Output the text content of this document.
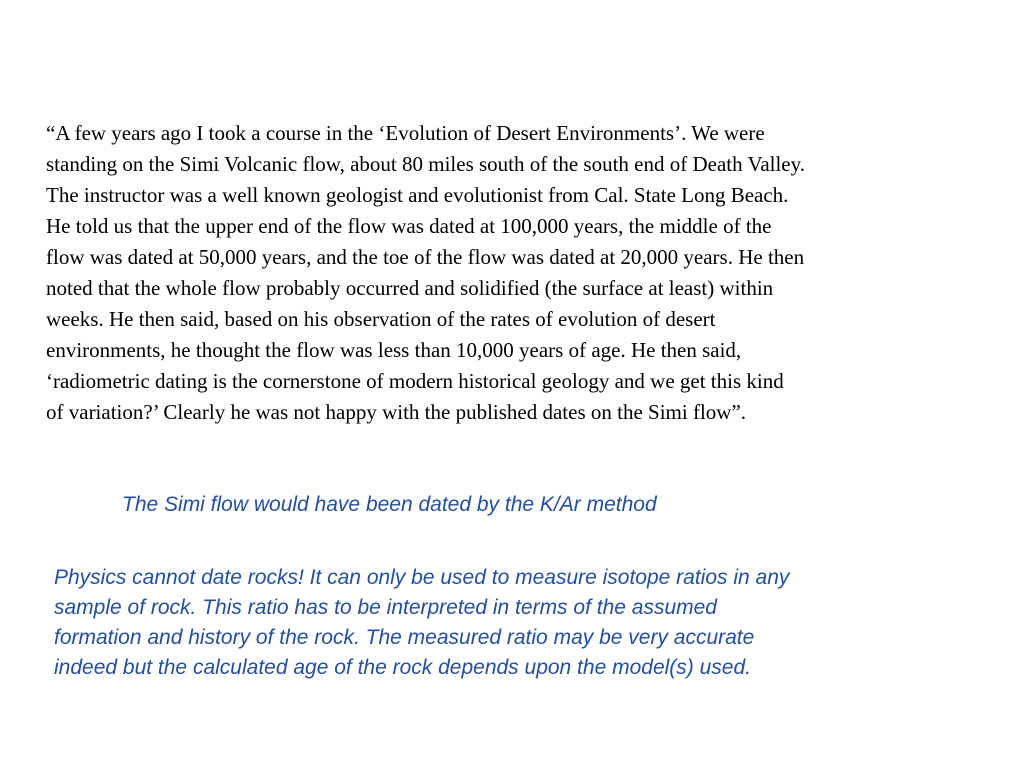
“A few years ago I took a course in the ‘Evolution of Desert Environments’. We were
standing on the Simi Volcanic flow, about 80 miles south of the south end of Death Valley.
The instructor was a well known geologist and evolutionist from Cal. State Long Beach.
He told us that the upper end of the flow was dated at 100,000 years, the middle of the
flow was dated at 50,000 years, and the toe of the flow was dated at 20,000 years. He then
noted that the whole flow probably occurred and solidified (the surface at least) within
weeks. He then said, based on his observation of the rates of evolution of desert
environments, he thought the flow was less than 10,000 years of age. He then said,
‘radiometric dating is the cornerstone of modern historical geology and we get this kind
of variation?’ Clearly he was not happy with the published dates on the Simi flow”.

The Simi flow would have been dated by the K/Ar method

Physics cannot date rocks! It can only be used to measure isotope ratios in any
sample of rock. This ratio has to be interpreted in terms of the assumed
formation and history of the rock. The measured ratio may be very accurate
indeed but the calculated age of the rock depends upon the model(s) used.
